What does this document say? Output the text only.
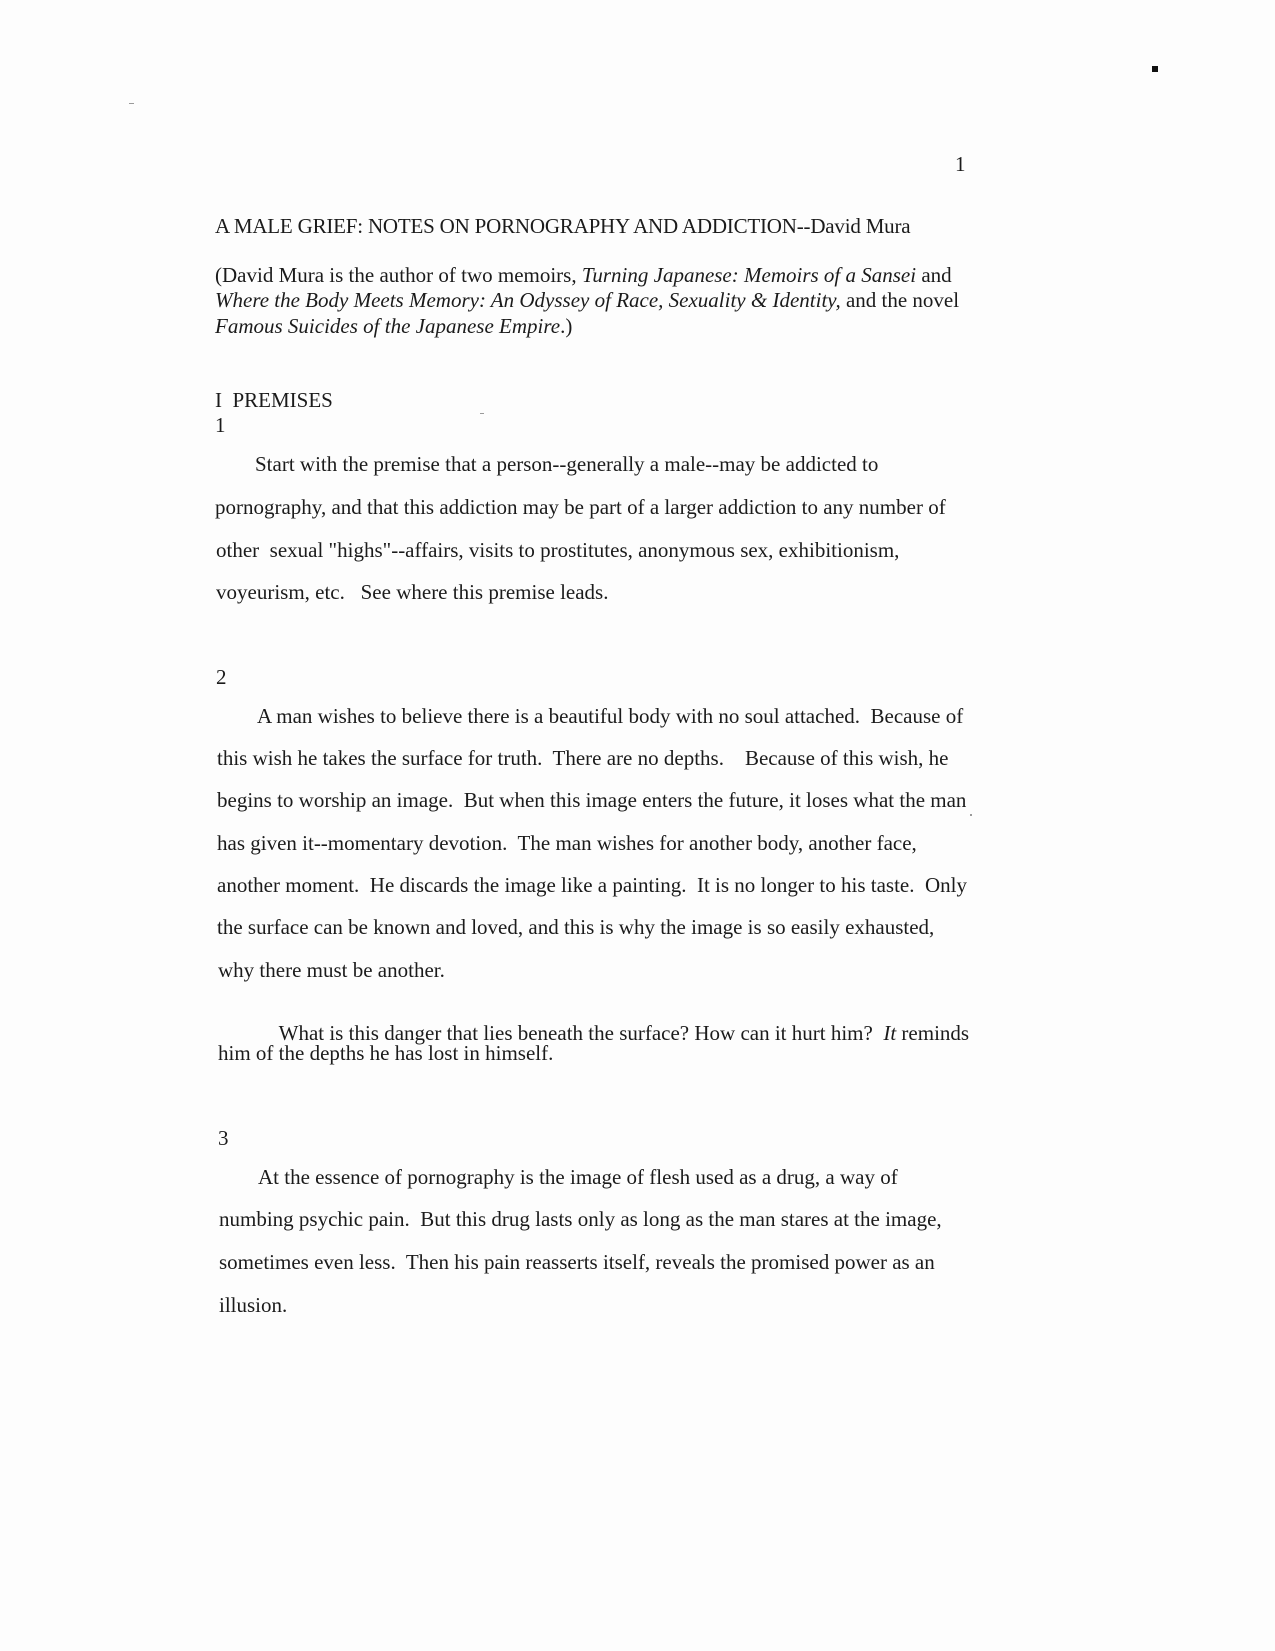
1
A MALE GRIEF: NOTES ON PORNOGRAPHY AND ADDICTION--David Mura
(David Mura is the author of two memoirs, Turning Japanese: Memoirs of a Sansei and
Where the Body Meets Memory: An Odyssey of Race, Sexuality & Identity, and the novel
Famous Suicides of the Japanese Empire.)
I  PREMISES
1
Start with the premise that a person--generally a male--may be addicted to
pornography, and that this addiction may be part of a larger addiction to any number of
other  sexual "highs"--affairs, visits to prostitutes, anonymous sex, exhibitionism,
voyeurism, etc.   See where this premise leads.
2
A man wishes to believe there is a beautiful body with no soul attached.  Because of
this wish he takes the surface for truth.  There are no depths.    Because of this wish, he
begins to worship an image.  But when this image enters the future, it loses what the man
has given it--momentary devotion.  The man wishes for another body, another face,
another moment.  He discards the image like a painting.  It is no longer to his taste.  Only
the surface can be known and loved, and this is why the image is so easily exhausted,
why there must be another.

What is this danger that lies beneath the surface? How can it hurt him?  It reminds

him of the depths he has lost in himself.
3
At the essence of pornography is the image of flesh used as a drug, a way of
numbing psychic pain.  But this drug lasts only as long as the man stares at the image,
sometimes even less.  Then his pain reasserts itself, reveals the promised power as an
illusion.
